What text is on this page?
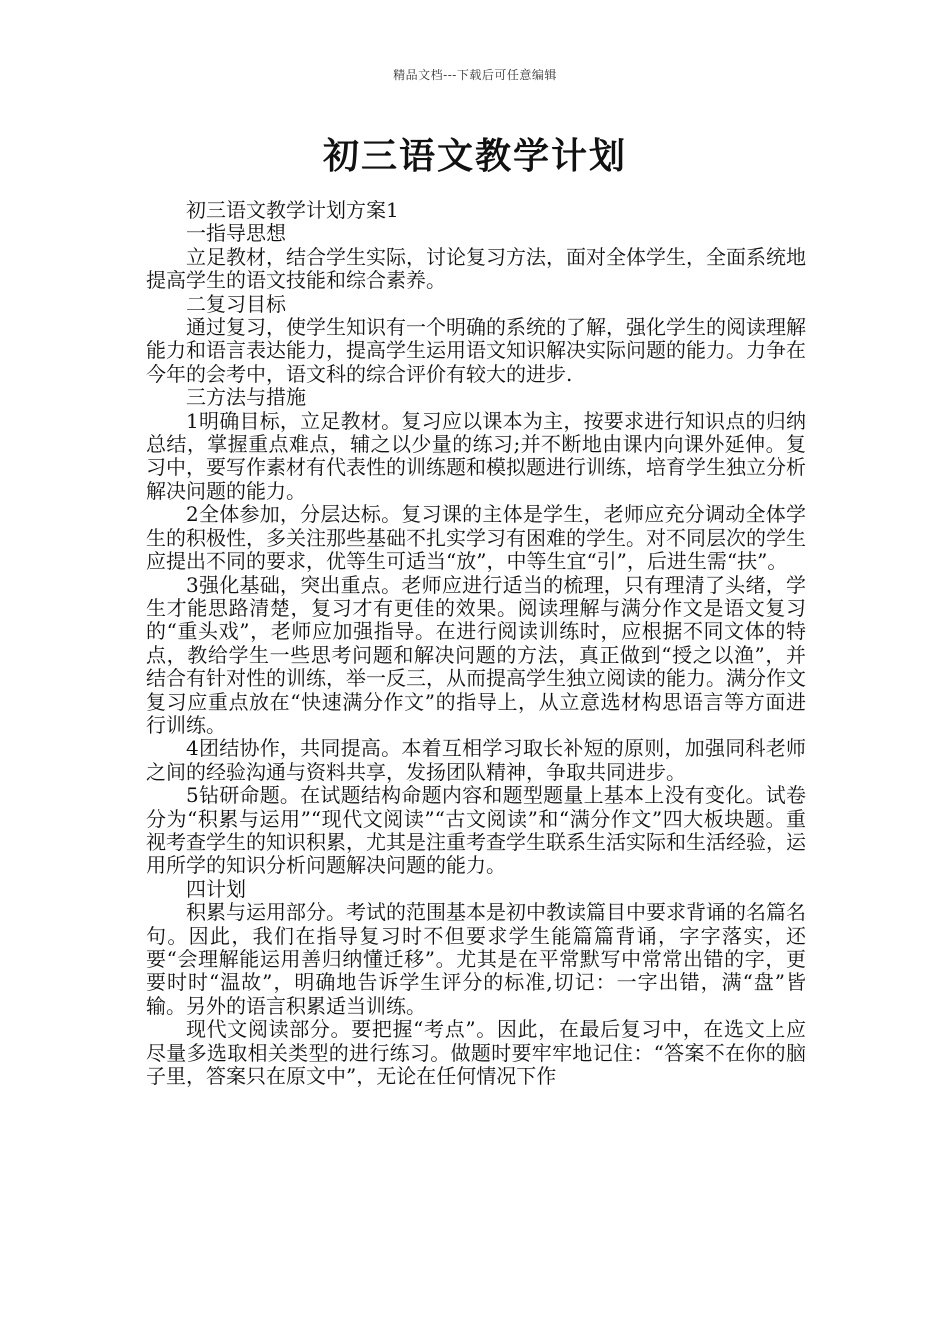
精品文档---下载后可任意编辑
初三语文教学计划

初三语文教学计划方案1

一指导思想

立足教材，结合学生实际，讨论复习方法，面对全体学生，全面系统地提高学生的语文技能和综合素养。

二复习目标

通过复习，使学生知识有一个明确的系统的了解，强化学生的阅读理解能力和语言表达能力，提高学生运用语文知识解决实际问题的能力。力争在今年的会考中，语文科的综合评价有较大的进步.

三方法与措施

1明确目标，立足教材。复习应以课本为主，按要求进行知识点的归纳总结，掌握重点难点，辅之以少量的练习;并不断地由课内向课外延伸。复习中，要写作素材有代表性的训练题和模拟题进行训练，培育学生独立分析解决问题的能力。

2全体参加，分层达标。复习课的主体是学生，老师应充分调动全体学生的积极性，多关注那些基础不扎实学习有困难的学生。对不同层次的学生应提出不同的要求，优等生可适当“放”，中等生宜“引”，后进生需“扶”。

3强化基础，突出重点。老师应进行适当的梳理，只有理清了头绪，学生才能思路清楚，复习才有更佳的效果。阅读理解与满分作文是语文复习的“重头戏”，老师应加强指导。在进行阅读训练时，应根据不同文体的特点，教给学生一些思考问题和解决问题的方法，真正做到“授之以渔”，并结合有针对性的训练，举一反三，从而提高学生独立阅读的能力。满分作文复习应重点放在“快速满分作文”的指导上，从立意选材构思语言等方面进行训练。

4团结协作，共同提高。本着互相学习取长补短的原则，加强同科老师之间的经验沟通与资料共享，发扬团队精神，争取共同进步。

5钻研命题。在试题结构命题内容和题型题量上基本上没有变化。试卷分为“积累与运用”“现代文阅读”“古文阅读”和“满分作文”四大板块题。重视考查学生的知识积累，尤其是注重考查学生联系生活实际和生活经验，运用所学的知识分析问题解决问题的能力。

四计划

积累与运用部分。考试的范围基本是初中教读篇目中要求背诵的名篇名句。因此，我们在指导复习时不但要求学生能篇篇背诵，字字落实，还要“会理解能运用善归纳懂迁移”。尤其是在平常默写中常常出错的字，更要时时“温故”，明确地告诉学生评分的标准,切记：一字出错，满“盘”皆输。另外的语言积累适当训练。

现代文阅读部分。要把握“考点”。因此，在最后复习中，在选文上应尽量多选取相关类型的进行练习。做题时要牢牢地记住：“答案不在你的脑子里，答案只在原文中”，无论在任何情况下作
